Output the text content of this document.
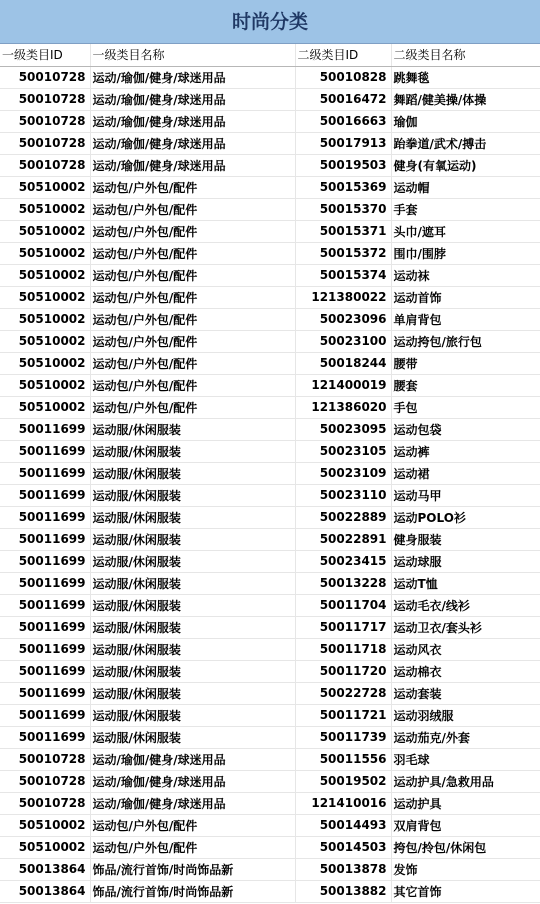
时尚分类
一级类目ID	一级类目名称	二级类目ID	二级类目名称
50010728	运动/瑜伽/健身/球迷用品	50010828	跳舞毯
50010728	运动/瑜伽/健身/球迷用品	50016472	舞蹈/健美操/体操
50010728	运动/瑜伽/健身/球迷用品	50016663	瑜伽
50010728	运动/瑜伽/健身/球迷用品	50017913	跆拳道/武术/搏击
50010728	运动/瑜伽/健身/球迷用品	50019503	健身(有氧运动)
50510002	运动包/户外包/配件	50015369	运动帽
50510002	运动包/户外包/配件	50015370	手套
50510002	运动包/户外包/配件	50015371	头巾/遮耳
50510002	运动包/户外包/配件	50015372	围巾/围脖
50510002	运动包/户外包/配件	50015374	运动袜
50510002	运动包/户外包/配件	121380022	运动首饰
50510002	运动包/户外包/配件	50023096	单肩背包
50510002	运动包/户外包/配件	50023100	运动挎包/旅行包
50510002	运动包/户外包/配件	50018244	腰带
50510002	运动包/户外包/配件	121400019	腰套
50510002	运动包/户外包/配件	121386020	手包
50011699	运动服/休闲服装	50023095	运动包袋
50011699	运动服/休闲服装	50023105	运动裤
50011699	运动服/休闲服装	50023109	运动裙
50011699	运动服/休闲服装	50023110	运动马甲
50011699	运动服/休闲服装	50022889	运动POLO衫
50011699	运动服/休闲服装	50022891	健身服装
50011699	运动服/休闲服装	50023415	运动球服
50011699	运动服/休闲服装	50013228	运动T恤
50011699	运动服/休闲服装	50011704	运动毛衣/线衫
50011699	运动服/休闲服装	50011717	运动卫衣/套头衫
50011699	运动服/休闲服装	50011718	运动风衣
50011699	运动服/休闲服装	50011720	运动棉衣
50011699	运动服/休闲服装	50022728	运动套装
50011699	运动服/休闲服装	50011721	运动羽绒服
50011699	运动服/休闲服装	50011739	运动茄克/外套
50010728	运动/瑜伽/健身/球迷用品	50011556	羽毛球
50010728	运动/瑜伽/健身/球迷用品	50019502	运动护具/急救用品
50010728	运动/瑜伽/健身/球迷用品	121410016	运动护具
50510002	运动包/户外包/配件	50014493	双肩背包
50510002	运动包/户外包/配件	50014503	挎包/拎包/休闲包
50013864	饰品/流行首饰/时尚饰品新	50013878	发饰
50013864	饰品/流行首饰/时尚饰品新	50013882	其它首饰
